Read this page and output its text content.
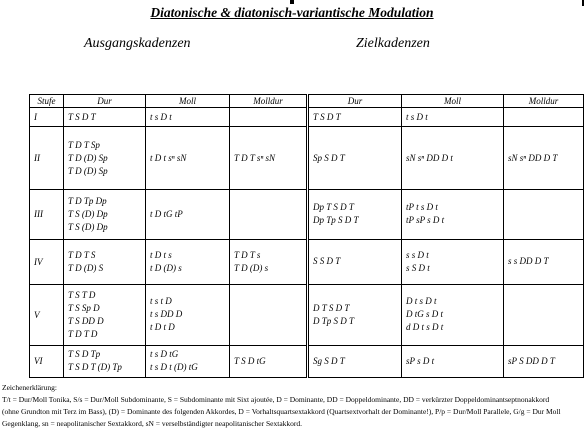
Diatonische & diatonisch-variantische Modulation
Ausgangskadenzen	Zielkadenzen
Stufe	Dur	Moll	Molldur	Dur	Moll	Molldur
I	T S D T	t s D t		T S D T	t s D t	

II	T D T Sp
T D (D) Sp
T D (D) Sp	t D t sⁿ sN	T D T sⁿ sN	Sp S D T	sN sⁿ DD D t	sN sⁿ DD D T

III	T D Tp Dp
T S (D) Dp
T S (D) Dp	t D tG tP		Dp T S D T
Dp Tp S D T	tP t s D t
tP sP s D t	

IV	T D T S
T D (D) S	t D t s
t D (D) s	T D T s
T D (D) s	S S D T	s s D t
s S D t	s s DD D T

V	T S T D
T S Sp D
T S DD D
T D T D	t s t D
t s DD D
t D t D		D T S D T
D Tp S D T	D t s D t
D tG s D t
d D t s D t	

VI	T S D Tp
T S D T (D) Tp	t s D tG
t s D t (D) tG	T S D tG	Sg S D T	sP s D t	sP S DD D T
Zeichenerklärung:
T/t = Dur/Moll Tonika, S/s = Dur/Moll Subdominante, S = Subdominante mit Sixt ajoutée, D = Dominante, DD = Doppeldominante, DD = verkürzter Doppeldominantseptnonakkord
(ohne Grundton mit Terz im Bass), (D) = Dominante des folgenden Akkordes, D = Vorhaltsquartsextakkord (Quartsextvorhalt der Dominante!), P/p = Dur/Moll Parallele, G/g = Dur Moll
Gegenklang, sn = neapolitanischer Sextakkord, sN = verselbständigter neapolitanischer Sextakkord.
